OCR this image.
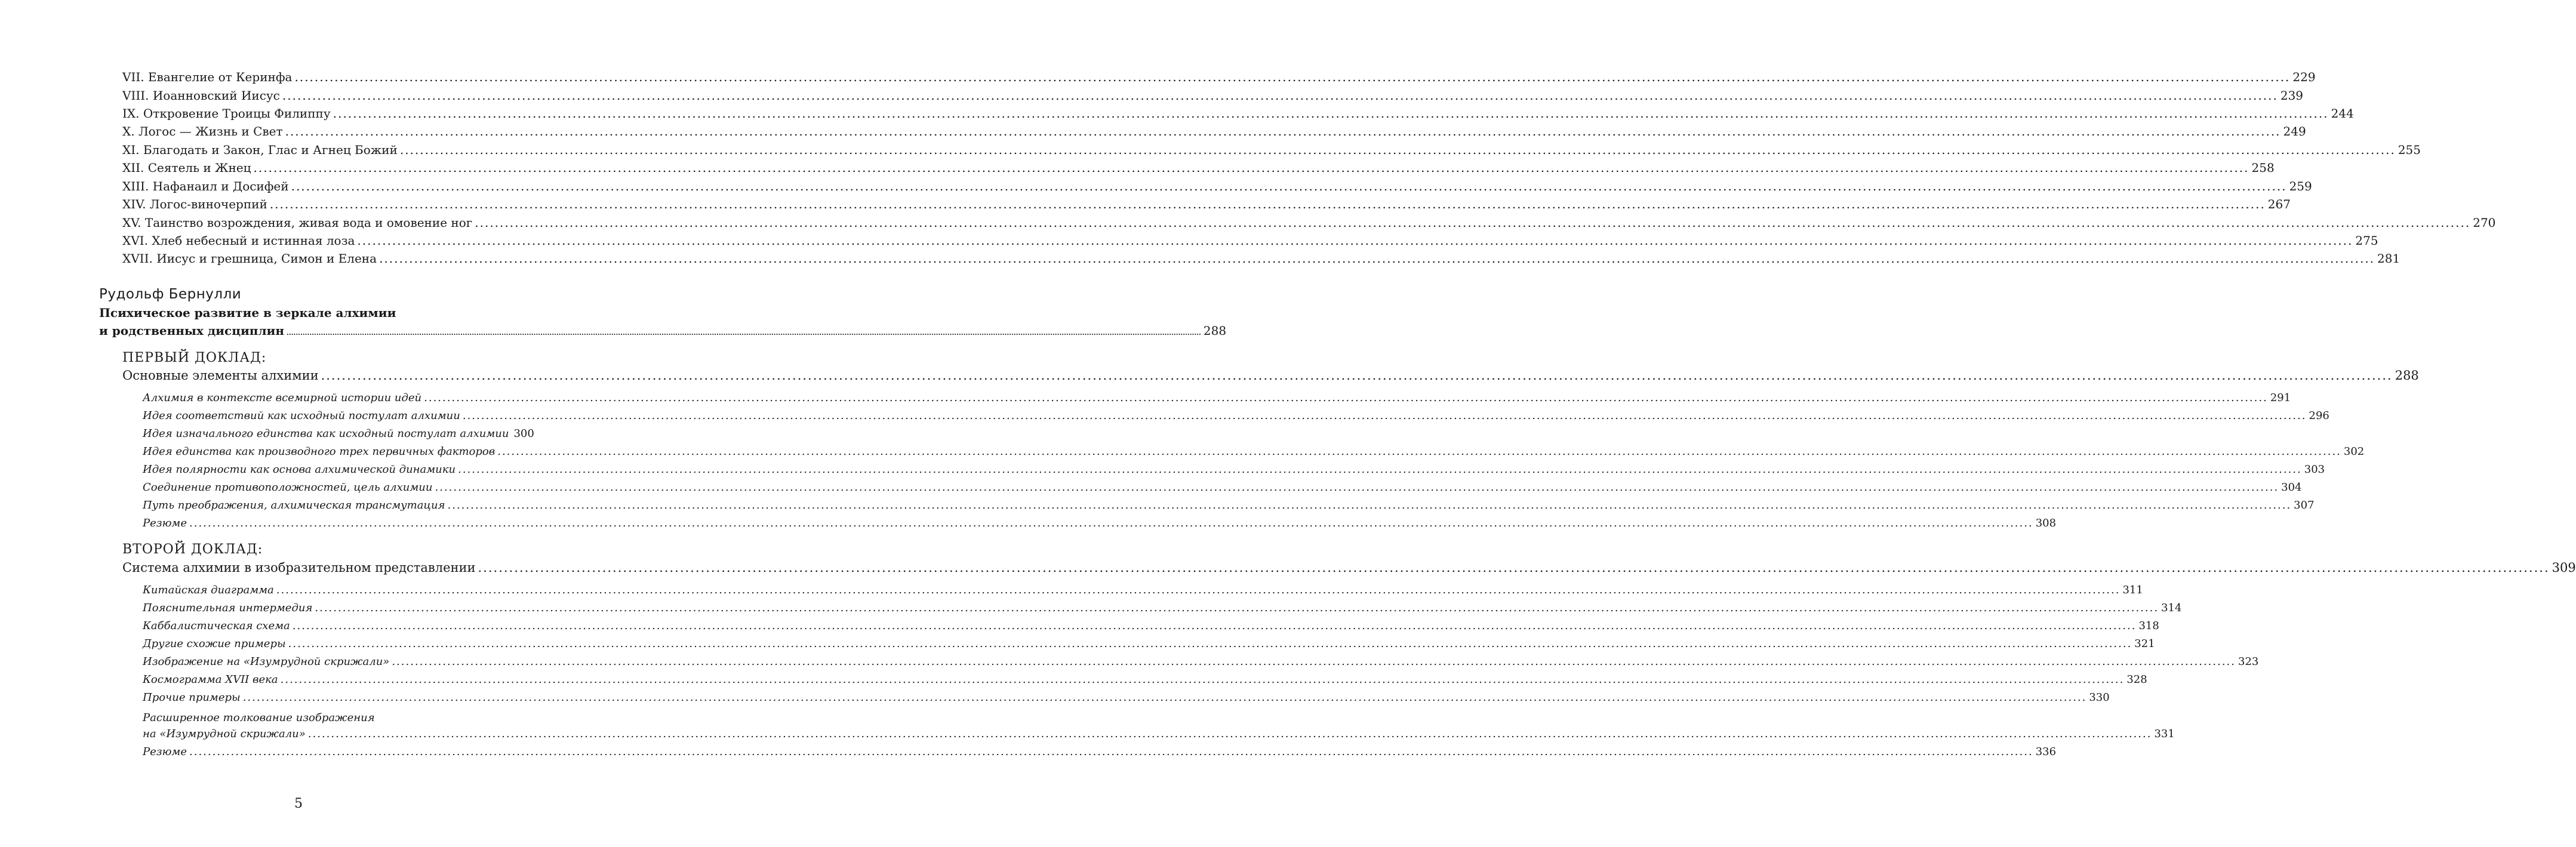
VII. Евангелие от Керинфа ................................................................................................................................................................................................................................................................................................................................................................................................................ 229
VIII. Иоанновский Иисус ................................................................................................................................................................................................................................................................................................................................................................................................................ 239
IX. Откровение Троицы Филиппу ................................................................................................................................................................................................................................................................................................................................................................................................................ 244
X. Логос — Жизнь и Свет ................................................................................................................................................................................................................................................................................................................................................................................................................ 249
XI. Благодать и Закон, Глас и Агнец Божий ................................................................................................................................................................................................................................................................................................................................................................................................................ 255
XII. Сеятель и Жнец ................................................................................................................................................................................................................................................................................................................................................................................................................ 258
XIII. Нафанаил и Досифей ................................................................................................................................................................................................................................................................................................................................................................................................................ 259
XIV. Логос-виночерпий ................................................................................................................................................................................................................................................................................................................................................................................................................ 267
XV. Таинство возрождения, живая вода и омовение ног ................................................................................................................................................................................................................................................................................................................................................................................................................ 270
XVI. Хлеб небесный и истинная лоза ................................................................................................................................................................................................................................................................................................................................................................................................................ 275
XVII. Иисус и грешница, Симон и Елена ................................................................................................................................................................................................................................................................................................................................................................................................................ 281
Рудольф Бернулли
Психическое развитие в зеркале алхимии
и родственных дисциплин ................................................................................................................................................................................................................................................................................................................................................................................................................ 288
ПЕРВЫЙ ДОКЛАД:
Основные элементы алхимии ................................................................................................................................................................................................................................................................................................................................................................................................................ 288
Алхимия в контексте всемирной истории идей ................................................................................................................................................................................................................................................................................................................................................................................................................ 291
Идея соответствий как исходный постулат алхимии ................................................................................................................................................................................................................................................................................................................................................................................................................ 296
Идея изначального единства как исходный постулат алхимии 300
Идея единства как производного трех первичных факторов ................................................................................................................................................................................................................................................................................................................................................................................................................ 302
Идея полярности как основа алхимической динамики ................................................................................................................................................................................................................................................................................................................................................................................................................ 303
Соединение противоположностей, цель алхимии ................................................................................................................................................................................................................................................................................................................................................................................................................ 304
Путь преображения, алхимическая трансмутация ................................................................................................................................................................................................................................................................................................................................................................................................................ 307
Резюме ................................................................................................................................................................................................................................................................................................................................................................................................................ 308
ВТОРОЙ ДОКЛАД:
Система алхимии в изобразительном представлении ................................................................................................................................................................................................................................................................................................................................................................................................................ 309
Китайская диаграмма ................................................................................................................................................................................................................................................................................................................................................................................................................ 311
Пояснительная интермедия ................................................................................................................................................................................................................................................................................................................................................................................................................ 314
Каббалистическая схема ................................................................................................................................................................................................................................................................................................................................................................................................................ 318
Другие схожие примеры ................................................................................................................................................................................................................................................................................................................................................................................................................ 321
Изображение на «Изумрудной скрижали» ................................................................................................................................................................................................................................................................................................................................................................................................................ 323
Космограмма XVII века ................................................................................................................................................................................................................................................................................................................................................................................................................ 328
Прочие примеры ................................................................................................................................................................................................................................................................................................................................................................................................................ 330
Расширенное толкование изображения
на «Изумрудной скрижали» ................................................................................................................................................................................................................................................................................................................................................................................................................ 331
Резюме ................................................................................................................................................................................................................................................................................................................................................................................................................ 336
5
